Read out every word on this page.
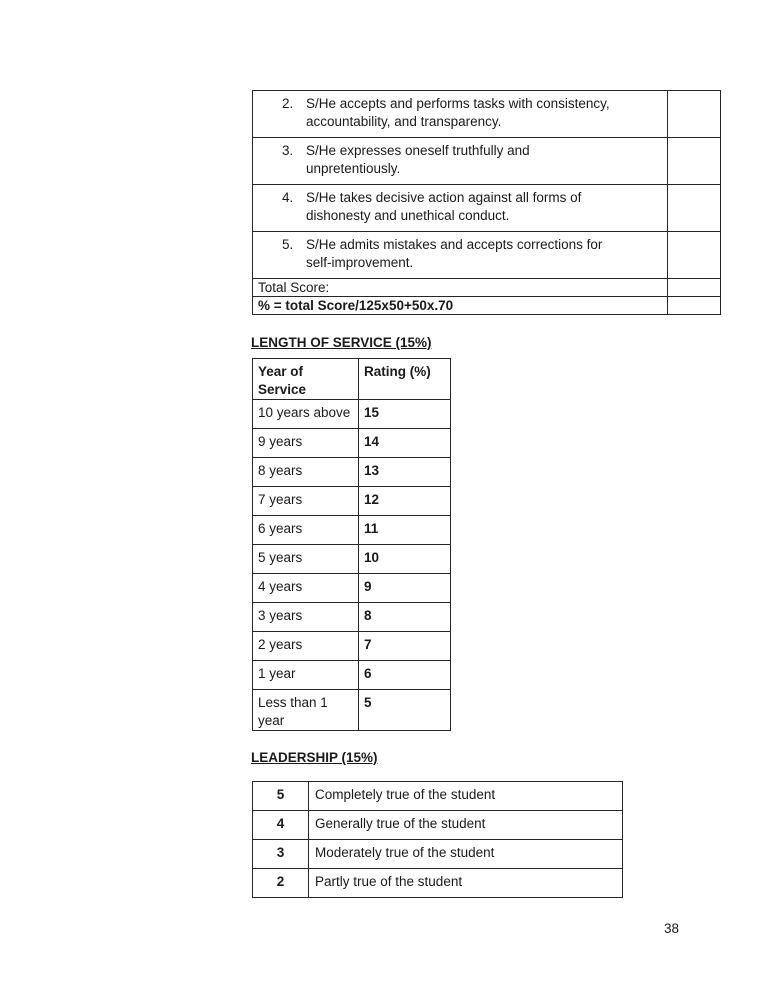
2. S/He accepts and performs tasks with consistency, accountability, and transparency.	

3. S/He expresses oneself truthfully and unpretentiously.	

4. S/He takes decisive action against all forms of dishonesty and unethical conduct.	

5. S/He admits mistakes and accepts corrections for self-improvement.	

Total Score:	
% = total Score/125x50+50x.70	
LENGTH OF SERVICE (15%)
Year of Service	Rating (%)
10 years above	15
9 years	14
8 years	13
7 years	12
6 years	11
5 years	10
4 years	9
3 years	8
2 years	7
1 year	6
Less than 1 year	5
LEADERSHIP (15%)
5	Completely true of the student
4	Generally true of the student
3	Moderately true of the student
2	Partly true of the student
38
